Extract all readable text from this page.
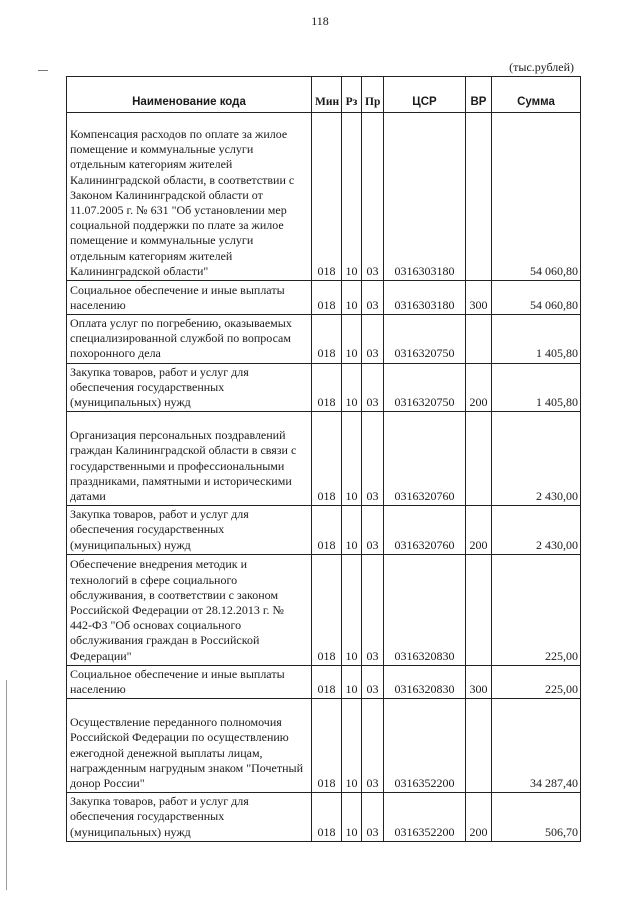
118
(тыс.рублей)
Наименование кода	Мин	Рз	Пр	ЦСР	ВР	Сумма
Компенсация расходов по оплате за жилое помещение и коммунальные услуги отдельным категориям жителей Калининградской области, в соответствии с Законом Калининградской области от 11.07.2005 г. № 631 "Об установлении мер социальной поддержки по плате за жилое помещение и коммунальные услуги отдельным категориям жителей Калининградской области"	018	10	03	0316303180		54 060,80
Социальное обеспечение и иные выплаты населению	018	10	03	0316303180	300	54 060,80
Оплата услуг по погребению, оказываемых специализированной службой по вопросам похоронного дела	018	10	03	0316320750		1 405,80
Закупка товаров, работ и услуг для обеспечения государственных (муниципальных) нужд	018	10	03	0316320750	200	1 405,80
Организация персональных поздравлений граждан Калининградской области в связи с государственными и профессиональными праздниками, памятными и историческими датами	018	10	03	0316320760		2 430,00
Закупка товаров, работ и услуг для обеспечения государственных (муниципальных) нужд	018	10	03	0316320760	200	2 430,00
Обеспечение внедрения методик и технологий в сфере социального обслуживания, в соответствии с законом Российской Федерации от 28.12.2013 г. № 442-ФЗ "Об основах социального обслуживания граждан в Российской Федерации"	018	10	03	0316320830		225,00
Социальное обеспечение и иные выплаты населению	018	10	03	0316320830	300	225,00
Осуществление переданного полномочия Российской Федерации по осуществлению ежегодной денежной выплаты лицам, награжденным нагрудным знаком "Почетный донор России"	018	10	03	0316352200		34 287,40
Закупка товаров, работ и услуг для обеспечения государственных (муниципальных) нужд	018	10	03	0316352200	200	506,70
